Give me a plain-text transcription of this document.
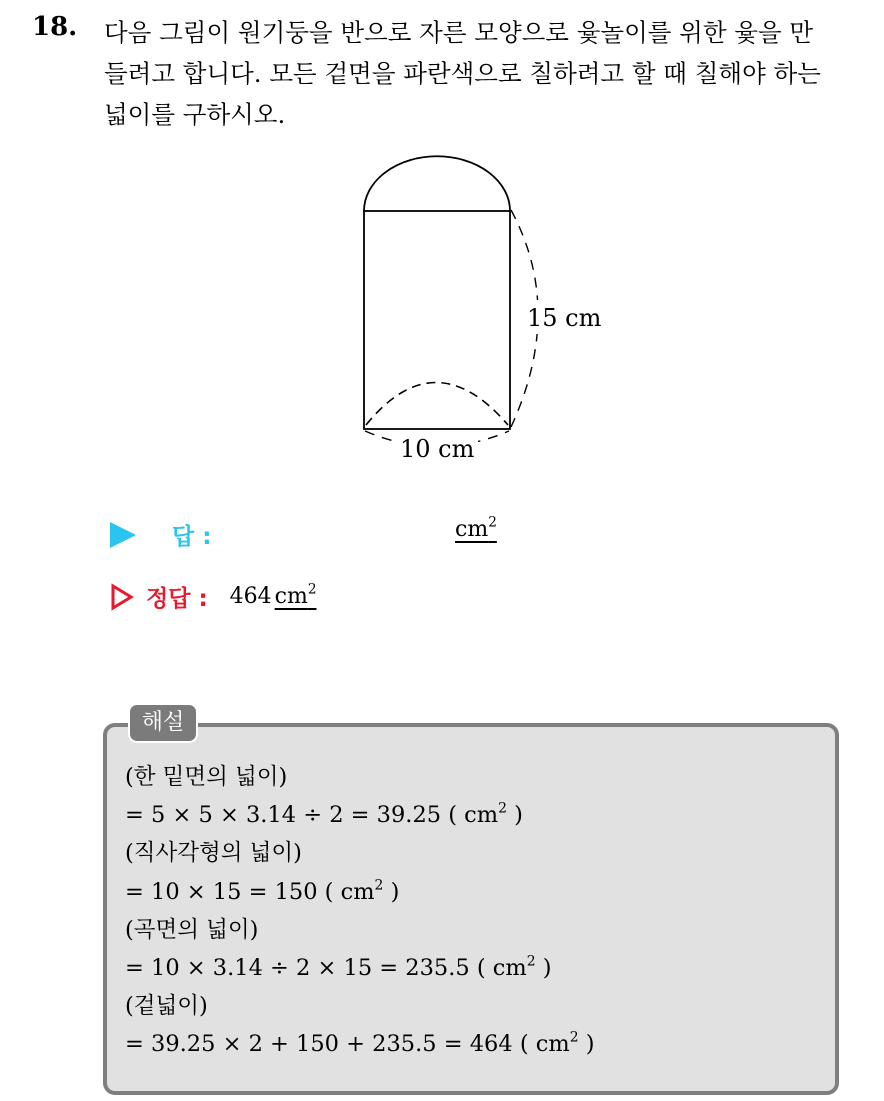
18. 다음 그림이 원기둥을 반으로 자른 모양으로 윷놀이를 위한 윷을 만

들려고 합니다. 모든 겉면을 파란색으로 칠하려고 할 때 칠해야 하는

넓이를 구하시오.

15 cm
10 cm
답 :	$cm^2$
정답 : 464 $cm^2$
해설
(한 밑면의 넓이)
= 5 × 5 × 3.14 ÷ 2 = 39.25 ( $cm^2$ )
(직사각형의 넓이)
= 10 × 15 = 150 ( $cm^2$ )
(곡면의 넓이)
= 10 × 3.14 ÷ 2 × 15 = 235.5 ( $cm^2$ )
(겉넓이)
= 39.25 × 2 + 150 + 235.5 = 464 ( $cm^2$ )
